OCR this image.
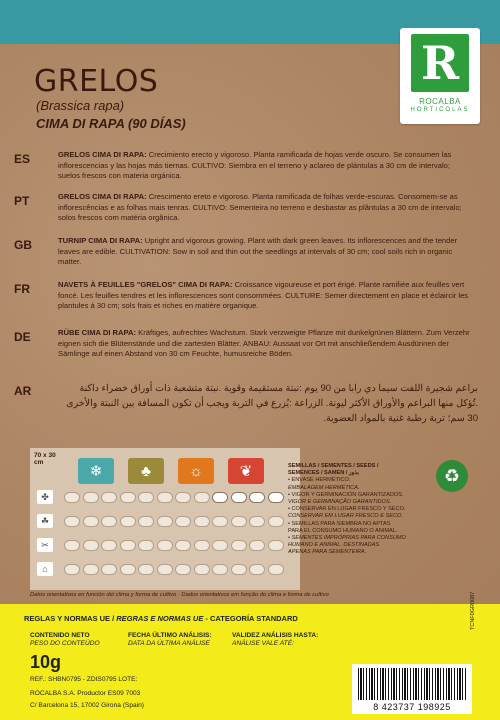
R
ROCALBA
HORTICOLAS
GRELOS
(Brassica rapa)
CIMA DI RAPA (90 DÍAS)
ES	GRELOS CIMA DI RAPA: Crecimiento erecto y vigoroso. Planta ramificada de hojas verde oscuro. Se consumen las inflorescencias y las hojas más tiernas. CULTIVO: Siembra en el terreno y aclareo de plántulas a 30 cm de intervalo; suelos frescos con materia orgánica.
PT	GRELOS CIMA DI RAPA: Crescimento ereto e vigoroso. Planta ramificada de folhas verde-escuras. Consomem-se as inflorescências e as folhas mais tenras. CULTIVO: Sementeira no terreno e desbastar as plântulas a 30 cm de intervalo; solos frescos com matéria orgânica.
GB	TURNIP CIMA DI RAPA: Upright and vigorous growing. Plant with dark green leaves. Its inflorescences and the tender leaves are edible. CULTIVATION: Sow in soil and thin out the seedlings at intervals of 30 cm; cool soils rich in organic matter.
FR	NAVETS À FEUILLES "GRELOS" CIMA DI RAPA: Croissance vigoureuse et port érigé. Plante ramifiée aux feuilles vert foncé. Les feuilles tendres et les inflorescences sont consommées. CULTURE: Semer directement en place et éclaircir les plantules à 30 cm; sols frais et riches en matière organique.
DE	RÜBE CIMA DI RAPA: Kräftiges, aufrechtes Wachstum. Stark verzweigte Pflanze mit dunkelgrünen Blättern. Zum Verzehr eignen sich die Blütenstände und die zartesten Blätter. ANBAU: Aussaat vor Ort mit anschließendem Ausdünnen der Sämlinge auf einen Abstand von 30 cm Feuchte, humusreiche Böden.
AR	براعم شجيرة اللفت سيما دي رابا من 90 يوم :نبتة مستقيمة وقوية .نبتة متشعبة ذات أوراق خضراء داكنة .تُؤكل منها البراعم والأوراق الأكثر ليونة. الزراعة :يُزرع في التربة ويجب أن تكون المسافة بين النبتة والأخرى 30 سم؛ تربة رطبة غنية بالمواد العضوية.
70 x 30
cm
❄	♣	☼	❦
✤
☘
✂
⌂
SEMILLAS / SEMENTES / SEEDS /
SEMENCES / SAMEN / بذور
• ENVASE HERMÉTICO.
EMBALAGEM HERMÉTICA.
• VIGOR Y GERMINACIÓN GARANTIZADOS.
VIGOR E GERMINAÇÃO GARANTIDOS.
• CONSERVAR EN LUGAR FRESCO Y SECO.
CONSERVAR EM LUGAR FRESCO E SECO.
• SEMILLAS PARA SIEMBRA NO APTAS
PARA EL CONSUMO HUMANO O ANIMAL.
• SEMENTES IMPRÓPRIAS PARA CONSUMO
HUMANO E ANIMAL. DESTINADAS
APENAS PARA SEMENTEIRA.
♻
Datos orientativos en función del clima y forma de cultivo · Dados orientativos em função do clima e forma de cultivo
REGLAS Y NORMAS UE / REGRAS E NORMAS UE - CATEGORÍA STANDARD
CONTENIDO NETO
PESO DO CONTEÚDO
10g
FECHA ÚLTIMO ANÁLISIS:
DATA DA ÚLTIMA ANÁLISE
VALIDEZ ANÁLISIS HASTA:
ANÁLISE VALE ATÉ:
REF.: SHBN0795 - ZDIS0795 LOTE:
ROCALBA S.A. Productor ES09 7003
C/ Barcelona 15, 17002 Girona (Spain)	8 423737 198925
TCNF0GR0087
